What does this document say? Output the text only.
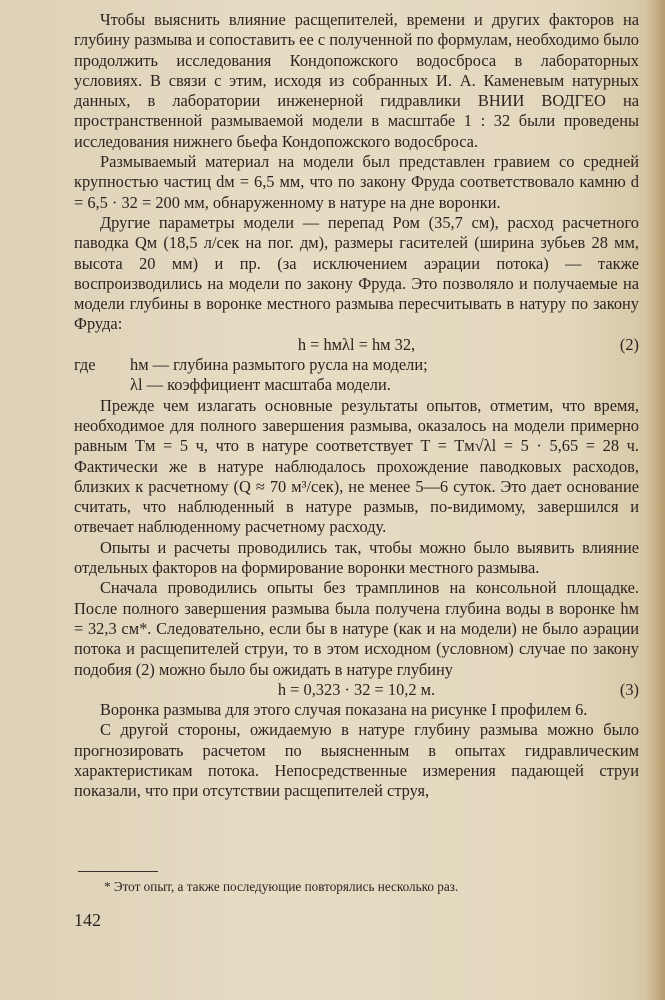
Чтобы выяснить влияние расщепителей, времени и других факторов на глубину размыва и сопоставить ее с полученной по формулам, необходимо было продолжить исследования Кондопожского водосброса в лабораторных условиях. В связи с этим, исходя из собранных И. А. Каменевым натурных данных, в лаборатории инженерной гидравлики ВНИИ ВОДГЕО на пространственной размываемой модели в масштабе 1 : 32 были проведены исследования нижнего бьефа Кондопожского водосброса.

Размываемый материал на модели был представлен гравием со средней крупностью частиц dм = 6,5 мм, что по закону Фруда соответствовало камню d = 6,5 · 32 = 200 мм, обнаруженному в натуре на дне воронки.

Другие параметры модели — перепад Pом (35,7 см), расход расчетного паводка Qм (18,5 л/сек на пог. дм), размеры гасителей (ширина зубьев 28 мм, высота 20 мм) и пр. (за исключением аэрации потока) — также воспроизводились на модели по закону Фруда. Это позволяло и получаемые на модели глубины в воронке местного размыва пересчитывать в натуру по закону Фруда:

h = hмλl = hм 32,	(2)
где	hм — глубина размытого русла на модели;
λl — коэффициент масштаба модели.

Прежде чем излагать основные результаты опытов, отметим, что время, необходимое для полного завершения размыва, оказалось на модели примерно равным Tм = 5 ч, что в натуре соответствует T = Tм√λl = 5 · 5,65 = 28 ч. Фактически же в натуре наблюдалось прохождение паводковых расходов, близких к расчетному (Q ≈ 70 м³/сек), не менее 5—6 суток. Это дает основание считать, что наблюденный в натуре размыв, по-видимому, завершился и отвечает наблюденному расчетному расходу.

Опыты и расчеты проводились так, чтобы можно было выявить влияние отдельных факторов на формирование воронки местного размыва.

Сначала проводились опыты без трамплинов на консольной площадке. После полного завершения размыва была получена глубина воды в воронке hм = 32,3 см*. Следовательно, если бы в натуре (как и на модели) не было аэрации потока и расщепителей струи, то в этом исходном (условном) случае по закону подобия (2) можно было бы ожидать в натуре глубину

h = 0,323 · 32 = 10,2 м.	(3)

Воронка размыва для этого случая показана на рисунке I профилем 6.

С другой стороны, ожидаемую в натуре глубину размыва можно было прогнозировать расчетом по выясненным в опытах гидравлическим характеристикам потока. Непосредственные измерения падающей струи показали, что при отсутствии расщепителей струя,

* Этот опыт, а также последующие повторялись несколько раз.
142
